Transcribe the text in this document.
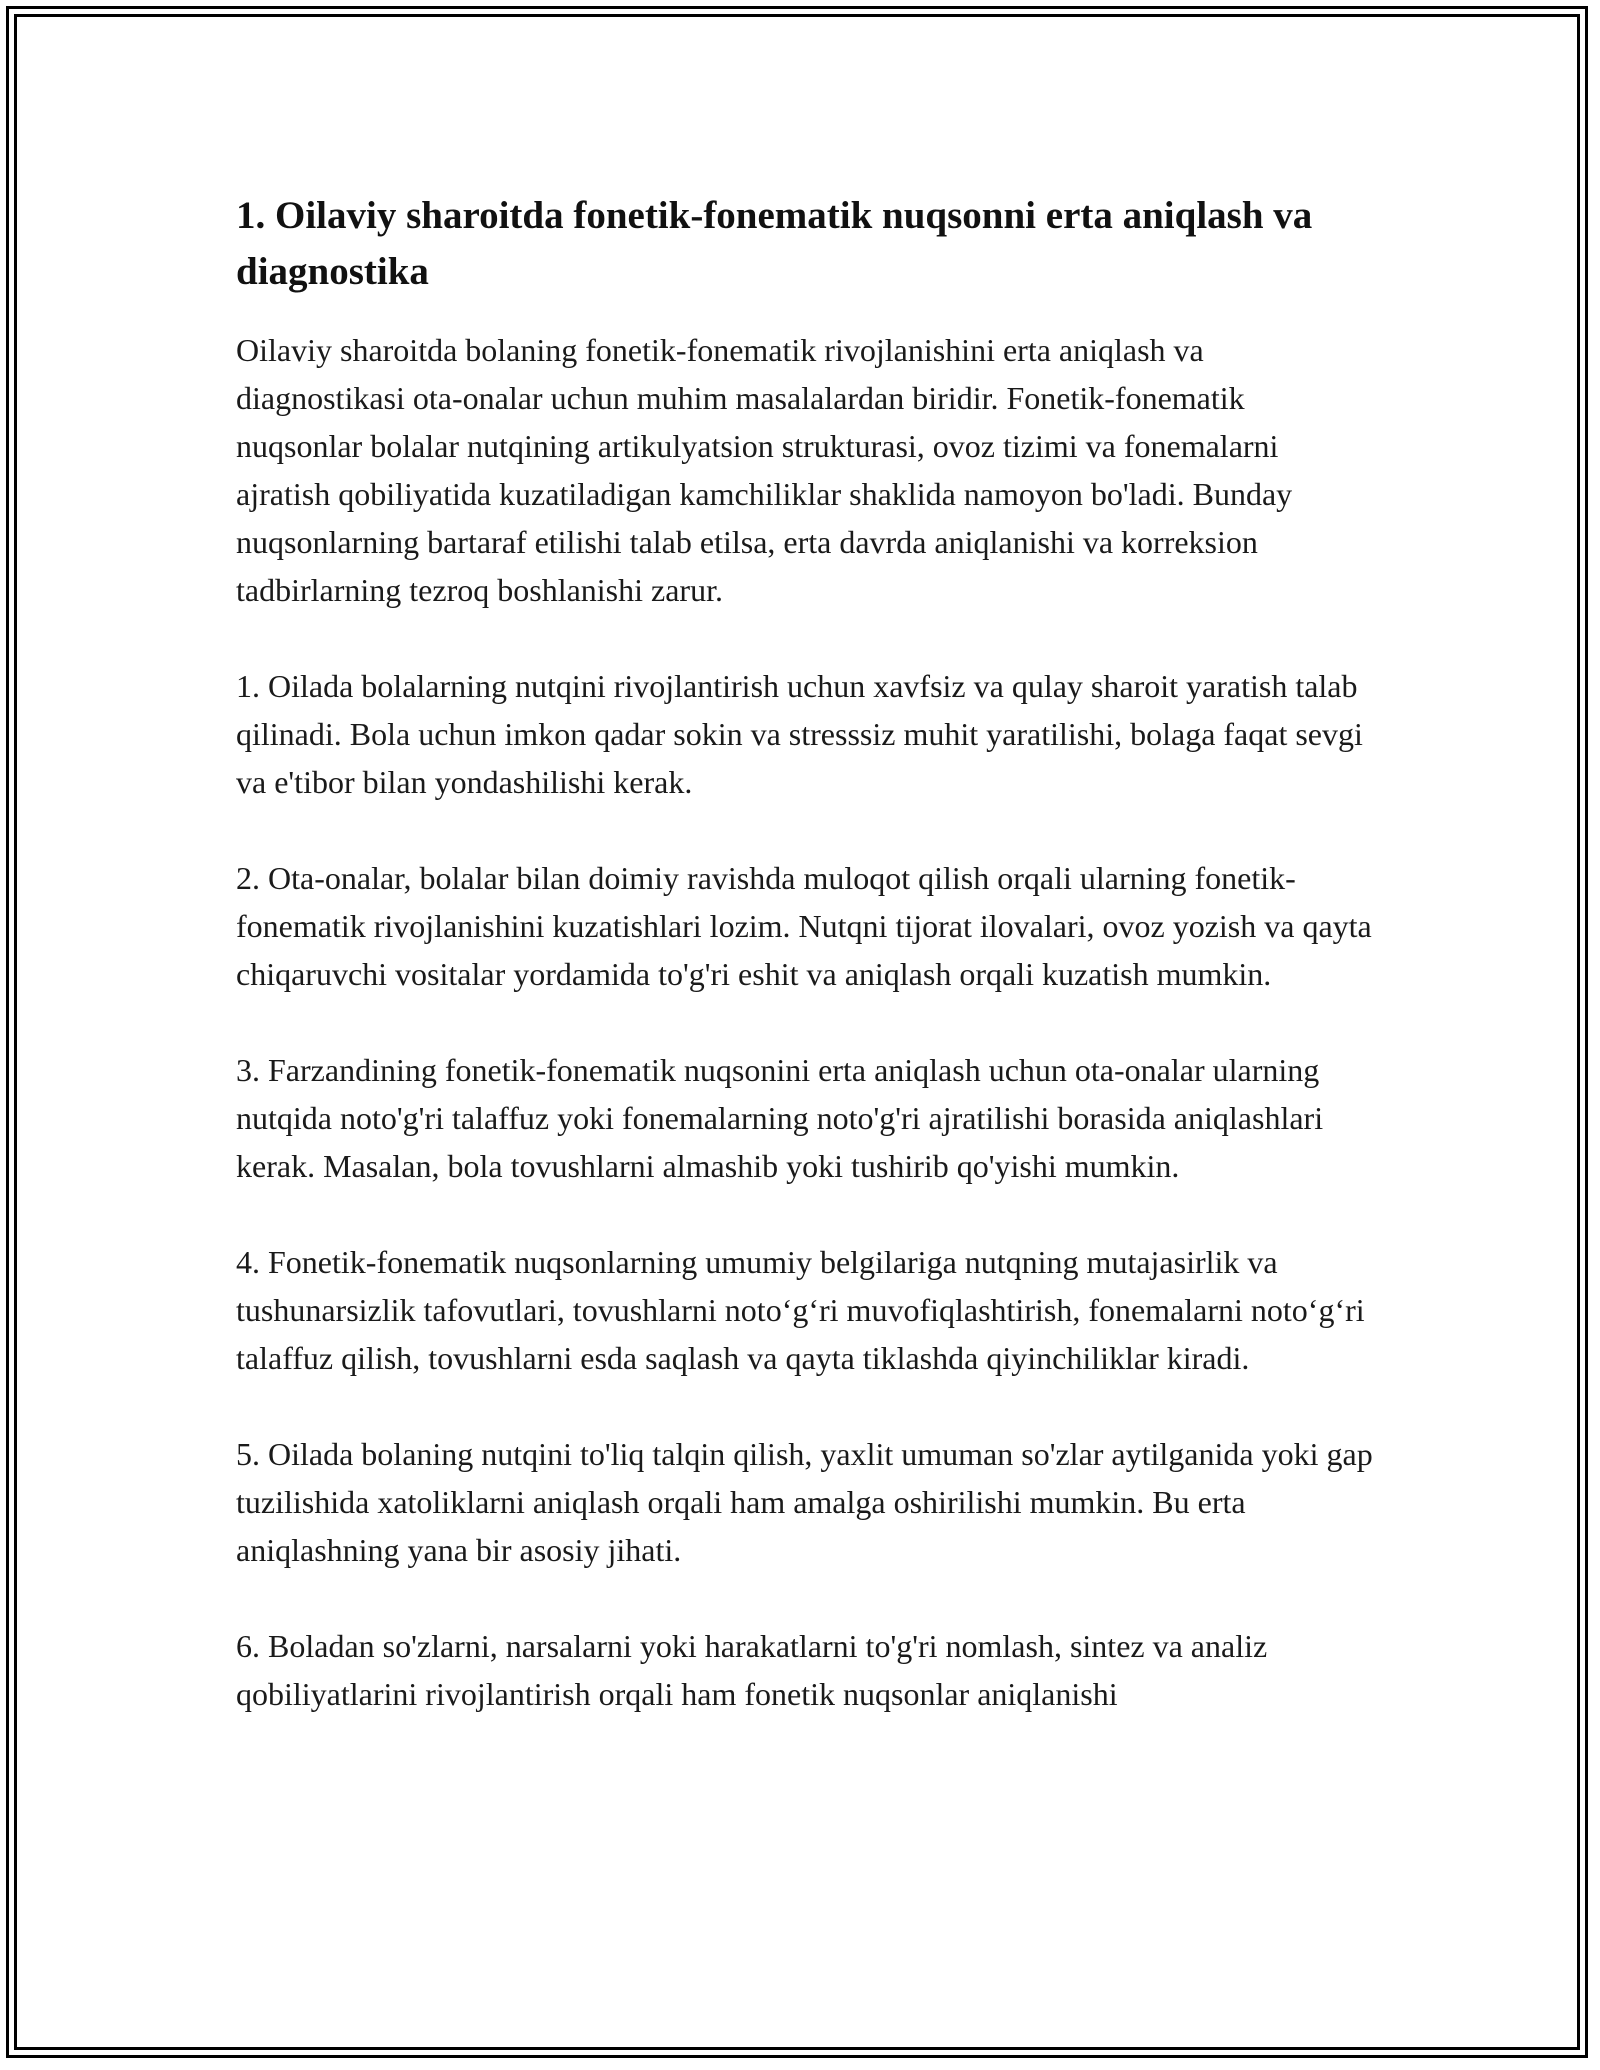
1. Oilaviy sharoitda fonetik-fonematik nuqsonni erta aniqlash va diagnostika

Oilaviy sharoitda bolaning fonetik-fonematik rivojlanishini erta aniqlash va diagnostikasi ota-onalar uchun muhim masalalardan biridir. Fonetik-fonematik nuqsonlar bolalar nutqining artikulyatsion strukturasi, ovoz tizimi va fonemalarni ajratish qobiliyatida kuzatiladigan kamchiliklar shaklida namoyon bo'ladi. Bunday nuqsonlarning bartaraf etilishi talab etilsa, erta davrda aniqlanishi va korreksion tadbirlarning tezroq boshlanishi zarur.

1. Oilada bolalarning nutqini rivojlantirish uchun xavfsiz va qulay sharoit yaratish talab qilinadi. Bola uchun imkon qadar sokin va stresssiz muhit yaratilishi, bolaga faqat sevgi va e'tibor bilan yondashilishi kerak.

2. Ota-onalar, bolalar bilan doimiy ravishda muloqot qilish orqali ularning fonetik-fonematik rivojlanishini kuzatishlari lozim. Nutqni tijorat ilovalari, ovoz yozish va qayta chiqaruvchi vositalar yordamida to'g'ri eshit va aniqlash orqali kuzatish mumkin.

3. Farzandining fonetik-fonematik nuqsonini erta aniqlash uchun ota-onalar ularning nutqida noto'g'ri talaffuz yoki fonemalarning noto'g'ri ajratilishi borasida aniqlashlari kerak. Masalan, bola tovushlarni almashib yoki tushirib qo'yishi mumkin.

4. Fonetik-fonematik nuqsonlarning umumiy belgilariga nutqning mutajasirlik va tushunarsizlik tafovutlari, tovushlarni noto‘g‘ri muvofiqlashtirish, fonemalarni noto‘g‘ri talaffuz qilish, tovushlarni esda saqlash va qayta tiklashda qiyinchiliklar kiradi.

5. Oilada bolaning nutqini to'liq talqin qilish, yaxlit umuman so'zlar aytilganida yoki gap tuzilishida xatoliklarni aniqlash orqali ham amalga oshirilishi mumkin. Bu erta aniqlashning yana bir asosiy jihati.

6. Boladan so'zlarni, narsalarni yoki harakatlarni to'g'ri nomlash, sintez va analiz qobiliyatlarini rivojlantirish orqali ham fonetik nuqsonlar aniqlanishi
